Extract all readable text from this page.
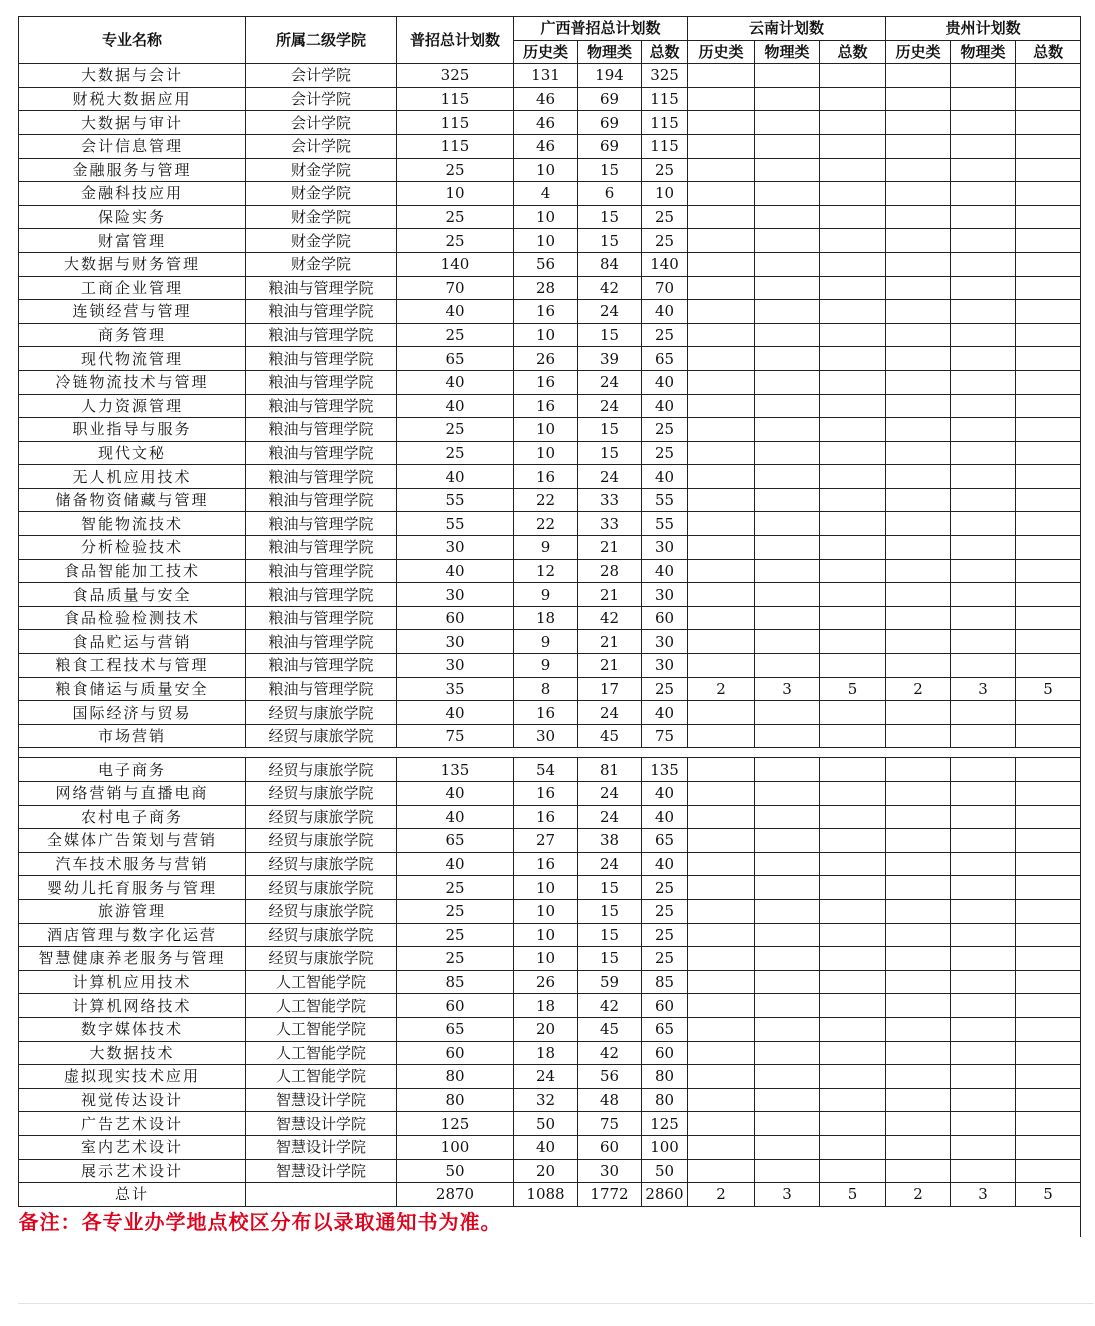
专业名称	所属二级学院	普招总计划数	广西普招总计划数			云南计划数			贵州计划数		
			历史类	物理类	总数	历史类	物理类	总数	历史类	物理类	总数
大数据与会计	会计学院	325	131	194	325						
财税大数据应用	会计学院	115	46	69	115						
大数据与审计	会计学院	115	46	69	115						
会计信息管理	会计学院	115	46	69	115						
金融服务与管理	财金学院	25	10	15	25						
金融科技应用	财金学院	10	4	6	10						
保险实务	财金学院	25	10	15	25						
财富管理	财金学院	25	10	15	25						
大数据与财务管理	财金学院	140	56	84	140						
工商企业管理	粮油与管理学院	70	28	42	70						
连锁经营与管理	粮油与管理学院	40	16	24	40						
商务管理	粮油与管理学院	25	10	15	25						
现代物流管理	粮油与管理学院	65	26	39	65						
冷链物流技术与管理	粮油与管理学院	40	16	24	40						
人力资源管理	粮油与管理学院	40	16	24	40						
职业指导与服务	粮油与管理学院	25	10	15	25						
现代文秘	粮油与管理学院	25	10	15	25						
无人机应用技术	粮油与管理学院	40	16	24	40						
储备物资储藏与管理	粮油与管理学院	55	22	33	55						
智能物流技术	粮油与管理学院	55	22	33	55						
分析检验技术	粮油与管理学院	30	9	21	30						
食品智能加工技术	粮油与管理学院	40	12	28	40						
食品质量与安全	粮油与管理学院	30	9	21	30						
食品检验检测技术	粮油与管理学院	60	18	42	60						
食品贮运与营销	粮油与管理学院	30	9	21	30						
粮食工程技术与管理	粮油与管理学院	30	9	21	30						
粮食储运与质量安全	粮油与管理学院	35	8	17	25	2	3	5	2	3	5
国际经济与贸易	经贸与康旅学院	40	16	24	40						
市场营销	经贸与康旅学院	75	30	45	75						

电子商务	经贸与康旅学院	135	54	81	135						
网络营销与直播电商	经贸与康旅学院	40	16	24	40						
农村电子商务	经贸与康旅学院	40	16	24	40						
全媒体广告策划与营销	经贸与康旅学院	65	27	38	65						
汽车技术服务与营销	经贸与康旅学院	40	16	24	40						
婴幼儿托育服务与管理	经贸与康旅学院	25	10	15	25						
旅游管理	经贸与康旅学院	25	10	15	25						
酒店管理与数字化运营	经贸与康旅学院	25	10	15	25						
智慧健康养老服务与管理	经贸与康旅学院	25	10	15	25						
计算机应用技术	人工智能学院	85	26	59	85						
计算机网络技术	人工智能学院	60	18	42	60						
数字媒体技术	人工智能学院	65	20	45	65						
大数据技术	人工智能学院	60	18	42	60						
虚拟现实技术应用	人工智能学院	80	24	56	80						
视觉传达设计	智慧设计学院	80	32	48	80						
广告艺术设计	智慧设计学院	125	50	75	125						
室内艺术设计	智慧设计学院	100	40	60	100						
展示艺术设计	智慧设计学院	50	20	30	50						
总计		2870	1088	1772	2860	2	3	5	2	3	5
备注：各专业办学地点校区分布以录取通知书为准。											
